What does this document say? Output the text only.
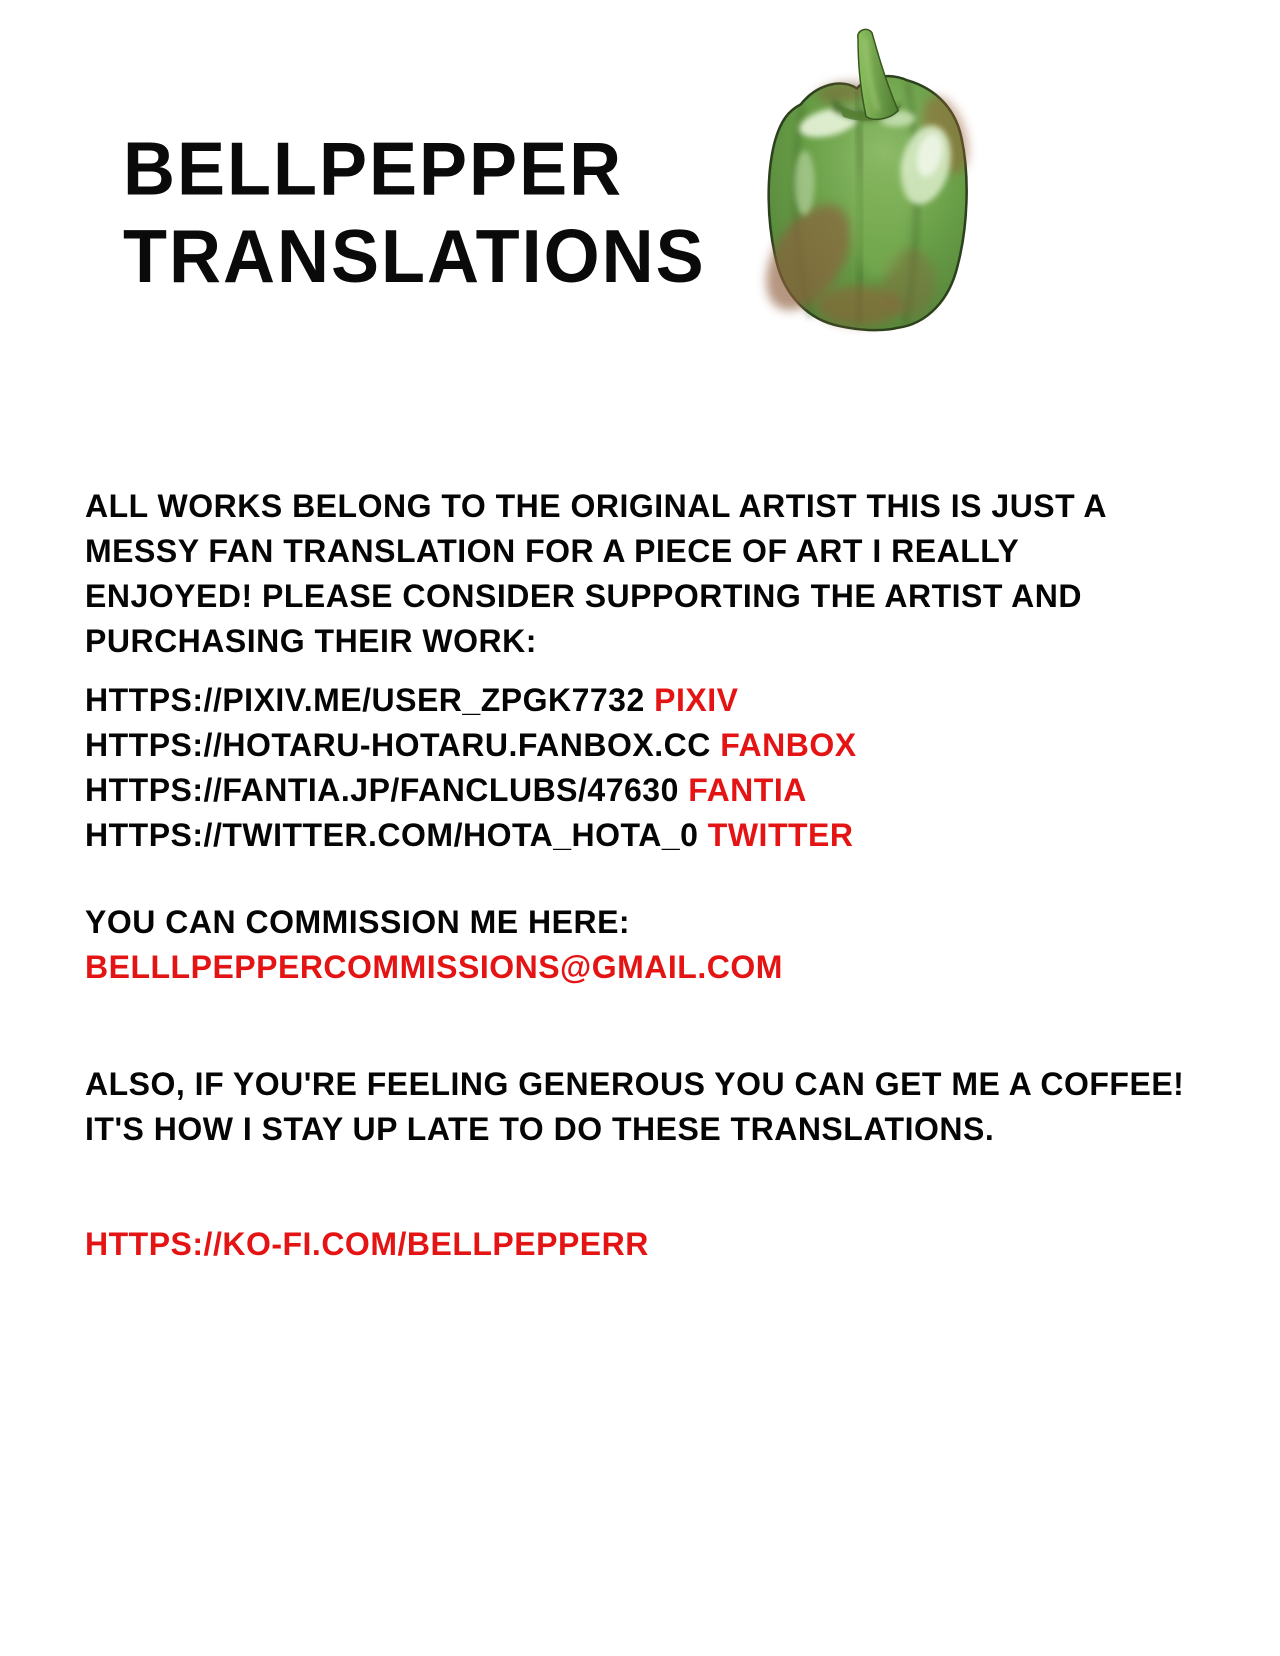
BELLPEPPER
TRANSLATIONS

ALL WORKS BELONG TO THE ORIGINAL ARTIST THIS IS JUST A MESSY FAN TRANSLATION FOR A PIECE OF ART I REALLY ENJOYED! PLEASE CONSIDER SUPPORTING THE ARTIST AND PURCHASING THEIR WORK:

HTTPS://PIXIV.ME/USER_ZPGK7732 PIXIV
HTTPS://HOTARU-HOTARU.FANBOX.CC FANBOX
HTTPS://FANTIA.JP/FANCLUBS/47630 FANTIA
HTTPS://TWITTER.COM/HOTA_HOTA_0 TWITTER
YOU CAN COMMISSION ME HERE:
BELLLPEPPERCOMMISSIONS@GMAIL.COM

ALSO, IF YOU'RE FEELING GENEROUS YOU CAN GET ME A COFFEE! IT'S HOW I STAY UP LATE TO DO THESE TRANSLATIONS.

HTTPS://KO-FI.COM/BELLPEPPERR
